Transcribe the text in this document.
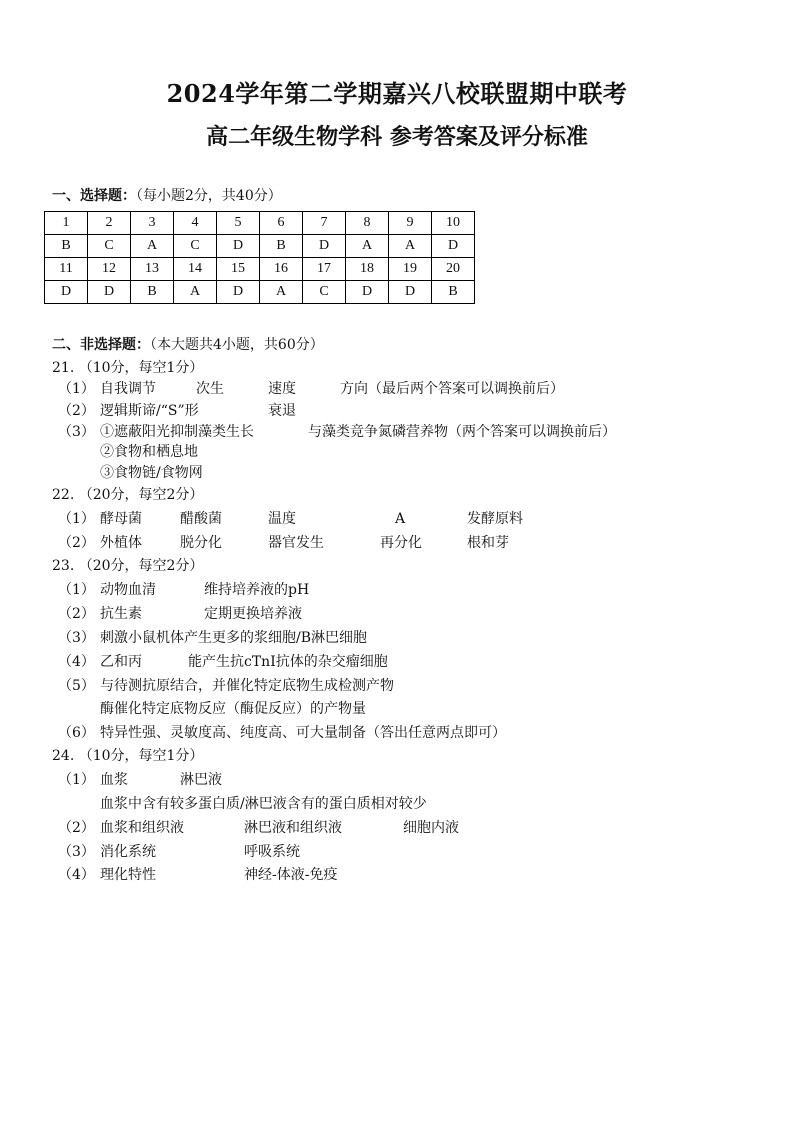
2024学年第二学期嘉兴八校联盟期中联考
高二年级生物学科 参考答案及评分标准
一、选择题：（每小题2分，共40分）
1	2	3	4	5	6	7	8	9	10
B	C	A	C	D	B	D	A	A	D
11	12	13	14	15	16	17	18	19	20
D	D	B	A	D	A	C	D	D	B
二、非选择题：（本大题共4小题，共60分）
21. （10分，每空1分）
（1） 自我调节	次生	速度	方向（最后两个答案可以调换前后）
（2） 逻辑斯谛/“S”形	衰退
（3） ①遮蔽阳光抑制藻类生长	与藻类竞争氮磷营养物（两个答案可以调换前后）
②食物和栖息地
③食物链/食物网
22. （20分，每空2分）
（1） 酵母菌	醋酸菌	温度	A	发酵原料
（2） 外植体	脱分化	器官发生	再分化	根和芽
23. （20分，每空2分）
（1） 动物血清	维持培养液的pH
（2） 抗生素	定期更换培养液
（3） 刺激小鼠机体产生更多的浆细胞/B淋巴细胞
（4） 乙和丙	能产生抗cTnI抗体的杂交瘤细胞
（5） 与待测抗原结合，并催化特定底物生成检测产物
酶催化特定底物反应（酶促反应）的产物量
（6） 特异性强、灵敏度高、纯度高、可大量制备（答出任意两点即可）
24. （10分，每空1分）
（1） 血浆	淋巴液
血浆中含有较多蛋白质/淋巴液含有的蛋白质相对较少
（2） 血浆和组织液	淋巴液和组织液	细胞内液
（3） 消化系统	呼吸系统
（4） 理化特性	神经-体液-免疫
